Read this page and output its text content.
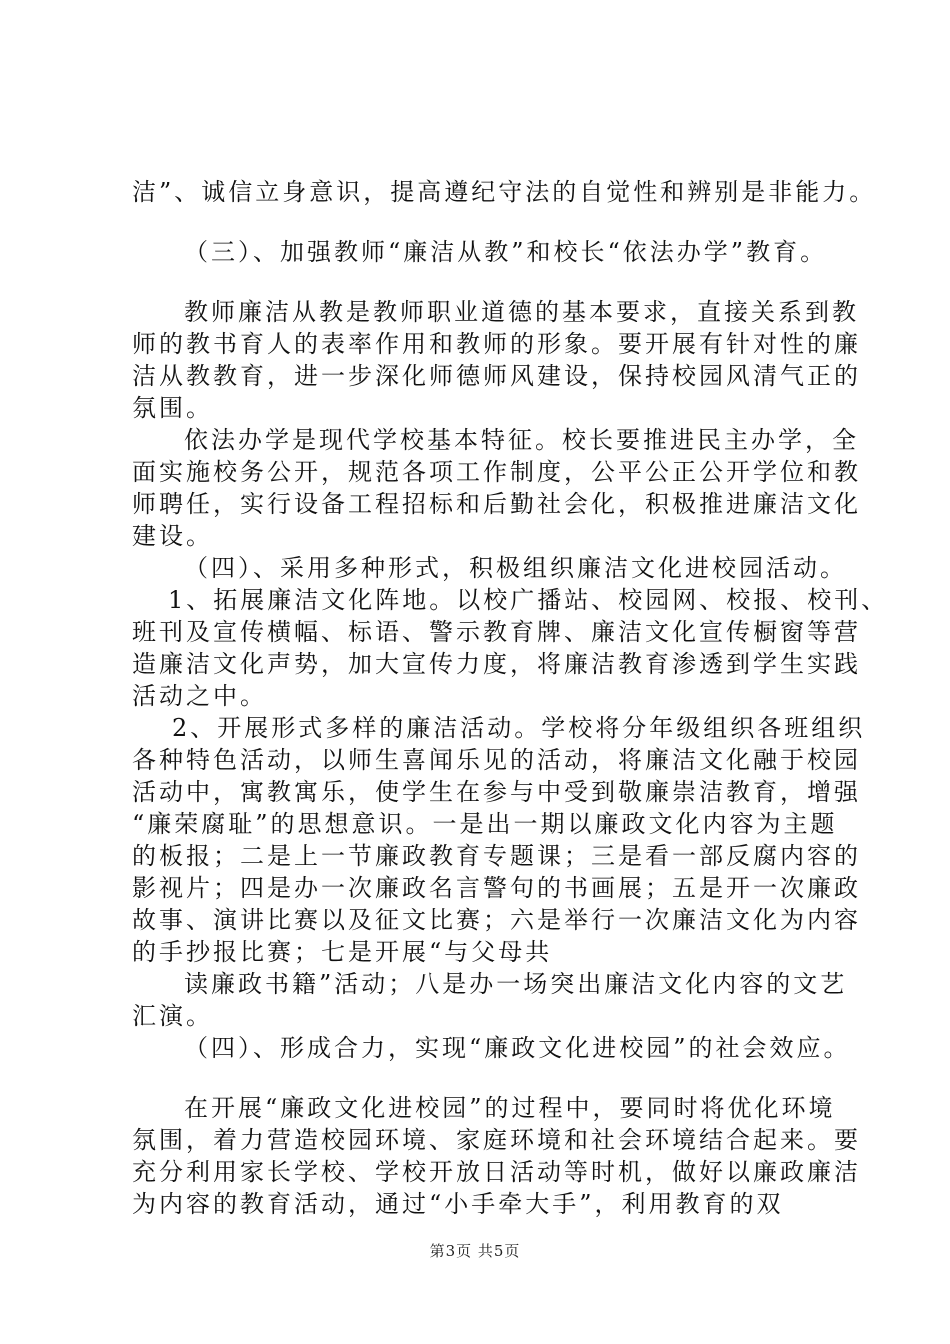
洁”、诚信立身意识，提高遵纪守法的自觉性和辨别是非能力。
（三）、加强教师“廉洁从教”和校长“依法办学”教育。
教师廉洁从教是教师职业道德的基本要求，直接关系到教
师的教书育人的表率作用和教师的形象。要开展有针对性的廉
洁从教教育，进一步深化师德师风建设，保持校园风清气正的
氛围。
依法办学是现代学校基本特征。校长要推进民主办学，全
面实施校务公开，规范各项工作制度，公平公正公开学位和教
师聘任，实行设备工程招标和后勤社会化，积极推进廉洁文化
建设。
（四）、采用多种形式，积极组织廉洁文化进校园活动。
1、拓展廉洁文化阵地。以校广播站、校园网、校报、校刊、
班刊及宣传横幅、标语、警示教育牌、廉洁文化宣传橱窗等营
造廉洁文化声势，加大宣传力度，将廉洁教育渗透到学生实践
活动之中。
2、开展形式多样的廉洁活动。学校将分年级组织各班组织
各种特色活动，以师生喜闻乐见的活动，将廉洁文化融于校园
活动中，寓教寓乐，使学生在参与中受到敬廉崇洁教育，增强
“廉荣腐耻”的思想意识。一是出一期以廉政文化内容为主题
的板报；二是上一节廉政教育专题课；三是看一部反腐内容的
影视片；四是办一次廉政名言警句的书画展；五是开一次廉政
故事、演讲比赛以及征文比赛；六是举行一次廉洁文化为内容
的手抄报比赛；七是开展“与父母共
读廉政书籍”活动；八是办一场突出廉洁文化内容的文艺
汇演。
（四）、形成合力，实现“廉政文化进校园”的社会效应。
在开展“廉政文化进校园”的过程中，要同时将优化环境
氛围，着力营造校园环境、家庭环境和社会环境结合起来。要
充分利用家长学校、学校开放日活动等时机，做好以廉政廉洁
为内容的教育活动，通过“小手牵大手”，利用教育的双
第3页 共5页
